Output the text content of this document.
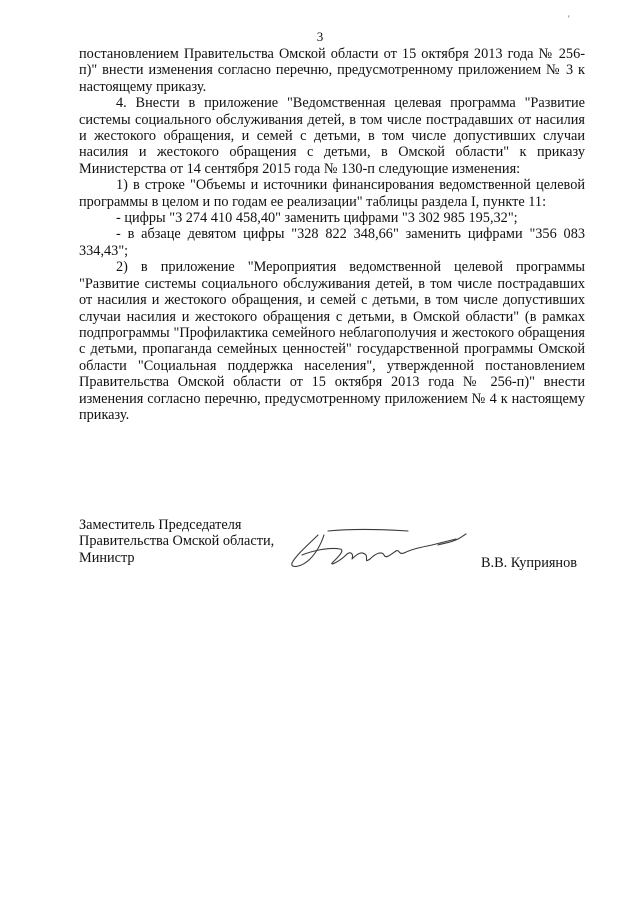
'
3

постановлением Правительства Омской области от 15 октября 2013 года № 256-п)" внести изменения согласно перечню, предусмотренному приложением № 3 к настоящему приказу.

4. Внести в приложение "Ведомственная целевая программа "Развитие системы социального обслуживания детей, в том числе пострадавших от насилия и жестокого обращения, и семей с детьми, в том числе допустивших случаи насилия и жестокого обращения с детьми, в Омской области" к приказу Министерства от 14 сентября 2015 года № 130-п следующие изменения:

1) в строке "Объемы и источники финансирования ведомственной целевой программы в целом и по годам ее реализации" таблицы раздела I, пункте 11:

- цифры "3 274 410 458,40" заменить цифрами "3 302 985 195,32";

- в абзаце девятом цифры "328 822 348,66" заменить цифрами "356 083 334,43";

2) в приложение "Мероприятия ведомственной целевой программы "Развитие системы социального обслуживания детей, в том числе пострадавших от насилия и жестокого обращения, и семей с детьми, в том числе допустивших случаи насилия и жестокого обращения с детьми, в Омской области" (в рамках подпрограммы "Профилактика семейного неблагополучия и жестокого обращения с детьми, пропаганда семейных ценностей" государственной программы Омской области "Социальная поддержка населения", утвержденной постановлением Правительства Омской области от 15 октября 2013 года № 256-п)" внести изменения согласно перечню, предусмотренному приложением № 4 к настоящему приказу.

Заместитель Председателя
Правительства Омской области,
Министр	В.В. Куприянов
